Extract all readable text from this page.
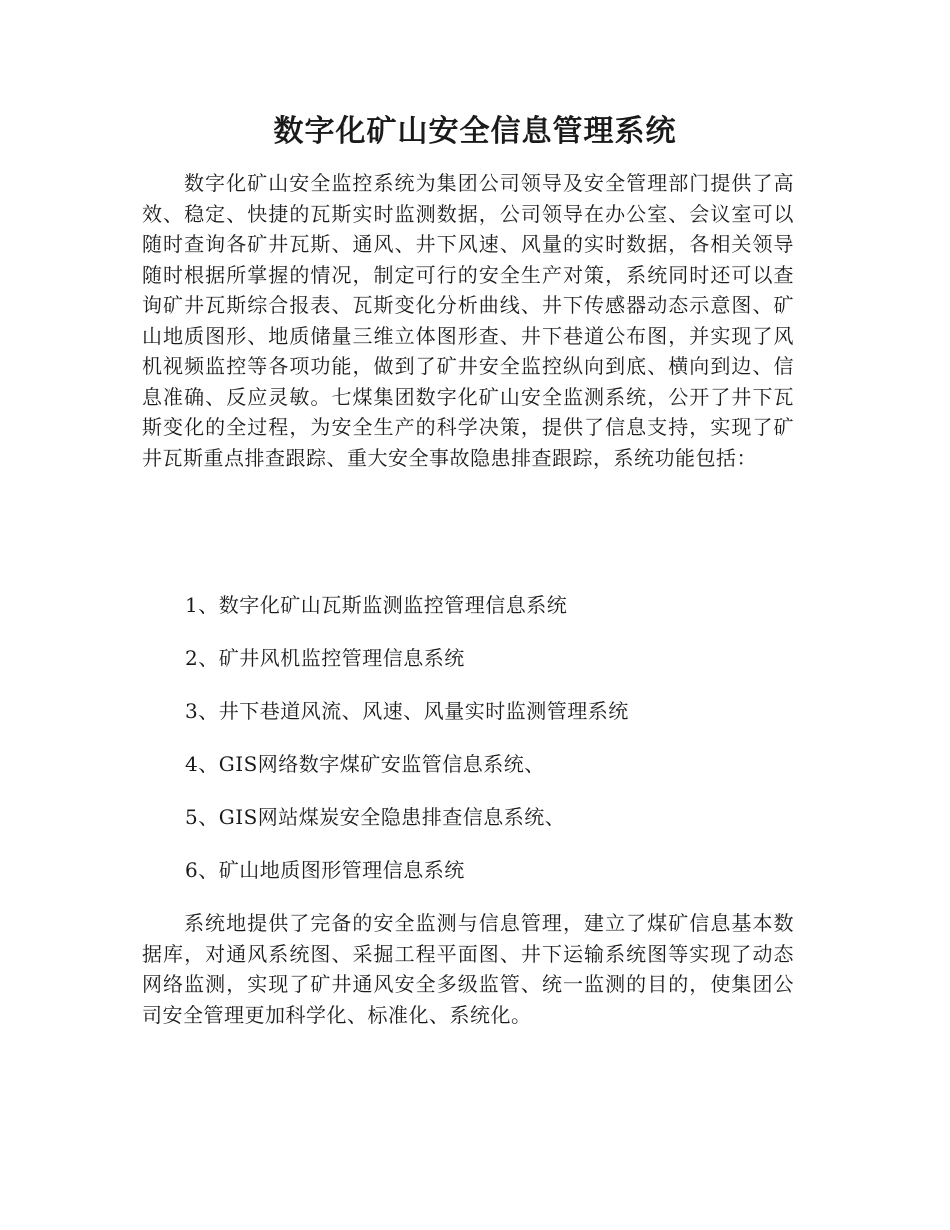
数字化矿山安全信息管理系统
数字化矿山安全监控系统为集团公司领导及安全管理部门提供了高效、稳定、快捷的瓦斯实时监测数据，公司领导在办公室、会议室可以随时查询各矿井瓦斯、通风、井下风速、风量的实时数据，各相关领导随时根据所掌握的情况，制定可行的安全生产对策，系统同时还可以查询矿井瓦斯综合报表、瓦斯变化分析曲线、井下传感器动态示意图、矿山地质图形、地质储量三维立体图形查、井下巷道公布图，并实现了风机视频监控等各项功能，做到了矿井安全监控纵向到底、横向到边、信息准确、反应灵敏。七煤集团数字化矿山安全监测系统，公开了井下瓦斯变化的全过程，为安全生产的科学决策，提供了信息支持，实现了矿井瓦斯重点排查跟踪、重大安全事故隐患排查跟踪，系统功能包括：
1、数字化矿山瓦斯监测监控管理信息系统
2、矿井风机监控管理信息系统
3、井下巷道风流、风速、风量实时监测管理系统
4、GIS网络数字煤矿安监管信息系统、
5、GIS网站煤炭安全隐患排查信息系统、
6、矿山地质图形管理信息系统
系统地提供了完备的安全监测与信息管理，建立了煤矿信息基本数据库，对通风系统图、采掘工程平面图、井下运输系统图等实现了动态网络监测，实现了矿井通风安全多级监管、统一监测的目的，使集团公司安全管理更加科学化、标准化、系统化。
